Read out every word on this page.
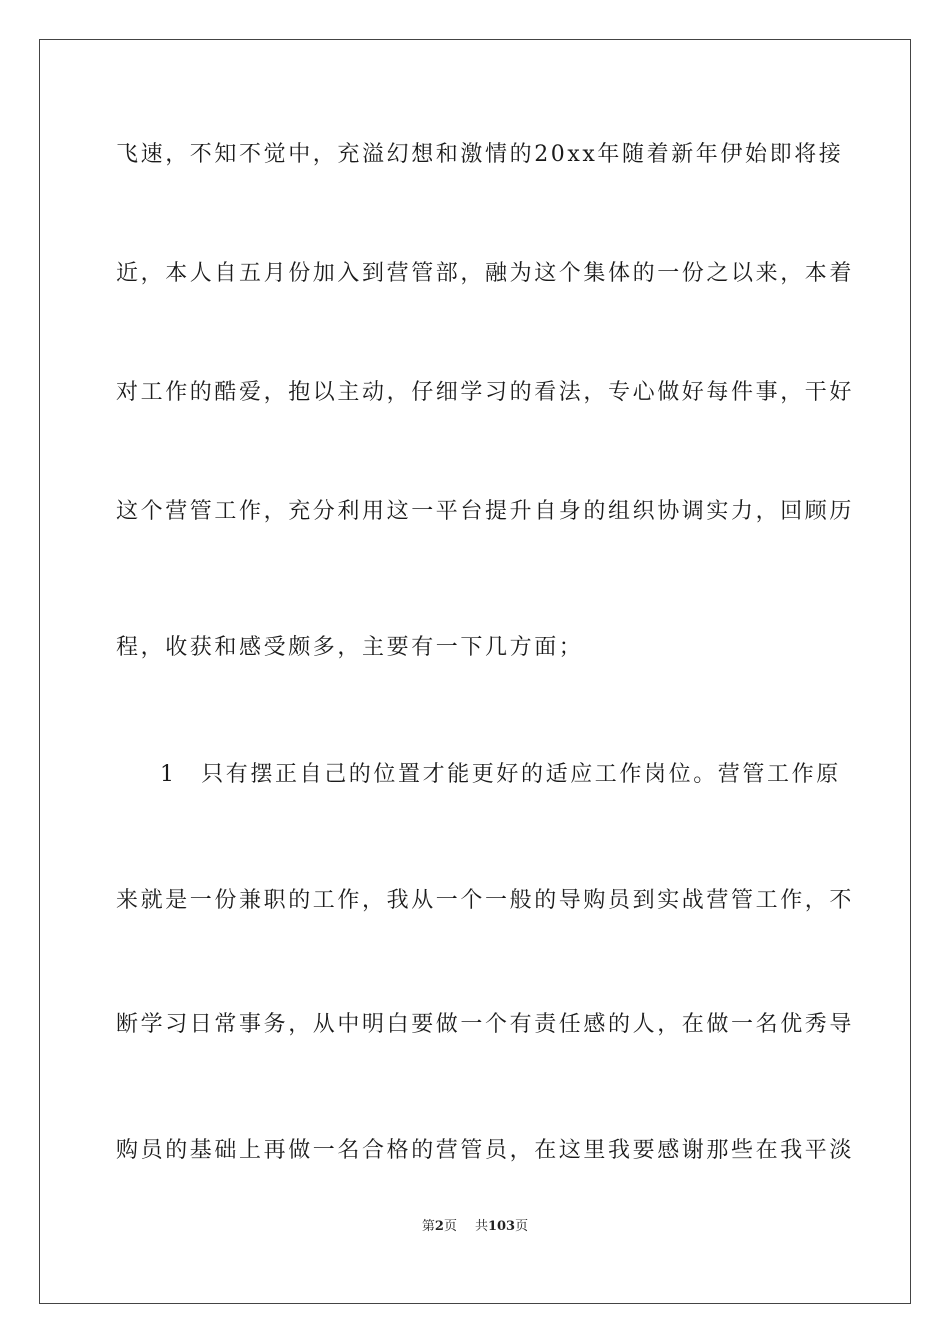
飞速，不知不觉中，充溢幻想和激情的20xx年随着新年伊始即将接
近，本人自五月份加入到营管部，融为这个集体的一份之以来，本着
对工作的酷爱，抱以主动，仔细学习的看法，专心做好每件事，干好
这个营管工作，充分利用这一平台提升自身的组织协调实力，回顾历
程，收获和感受颇多，主要有一下几方面；
1　只有摆正自己的位置才能更好的适应工作岗位。营管工作原
来就是一份兼职的工作，我从一个一般的导购员到实战营管工作，不
断学习日常事务，从中明白要做一个有责任感的人，在做一名优秀导
购员的基础上再做一名合格的营管员，在这里我要感谢那些在我平淡
第2页 共103页
